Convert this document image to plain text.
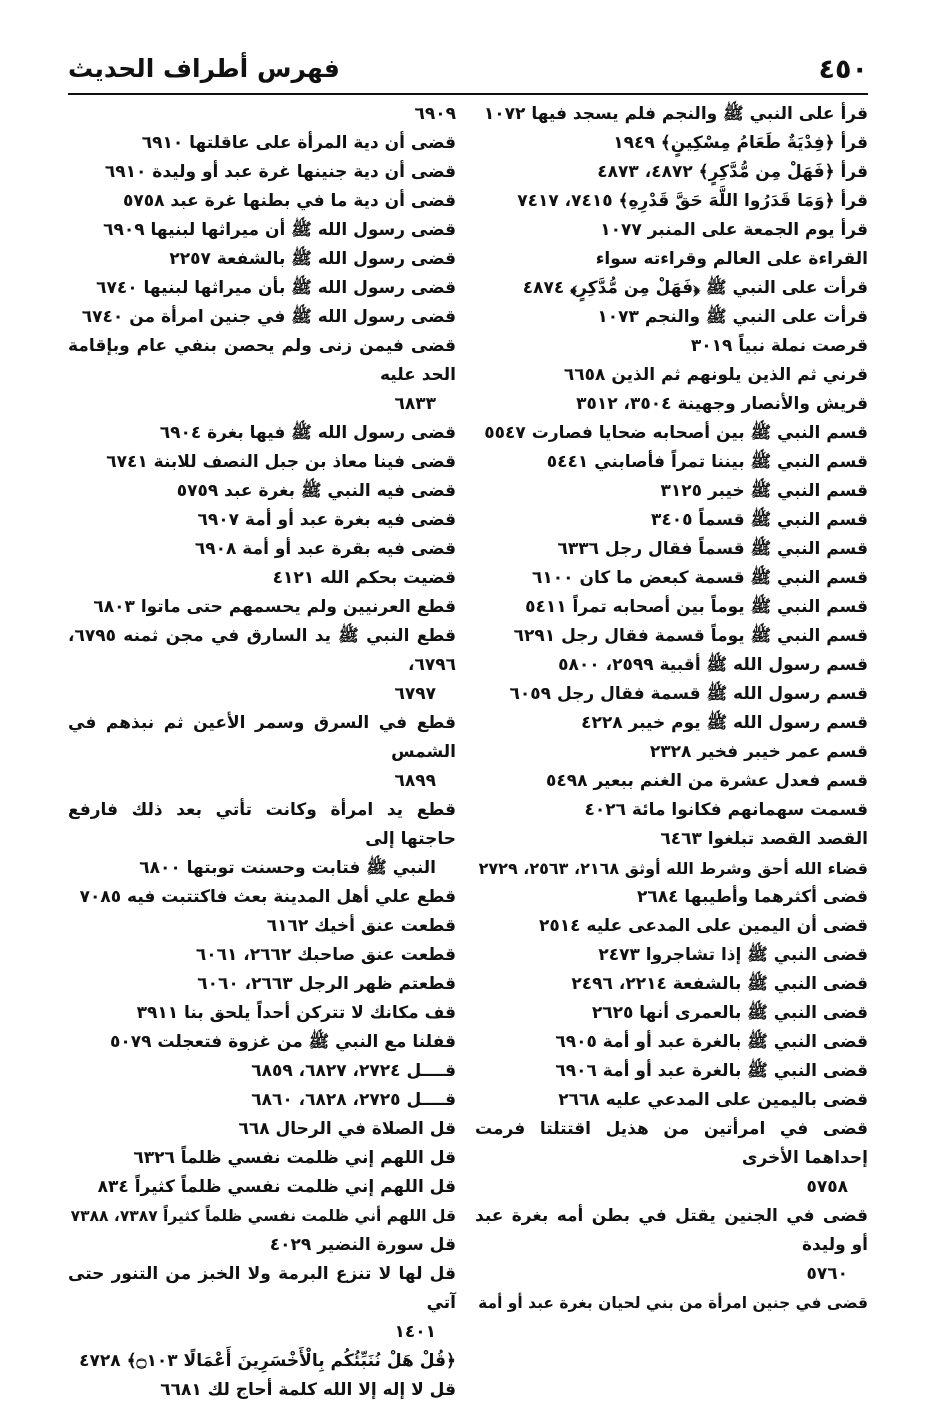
٤٥٠
فهرس أطراف الحديث
قرأ على النبي ﷺ والنجم فلم يسجد فيها ١٠٧٢
قرأ ﴿فِدْيَةٌ طَعَامُ مِسْكِينٍ﴾ ١٩٤٩
قرأ ﴿فَهَلْ مِن مُّدَّكِرٍ﴾ ٤٨٧٢، ٤٨٧٣
قرأ ﴿وَمَا قَدَرُوا اللَّهَ حَقَّ قَدْرِهِ﴾ ٧٤١٥، ٧٤١٧
قرأ يوم الجمعة على المنبر ١٠٧٧
القراءة على العالم وقراءته سواء
قرأت على النبي ﷺ ﴿فَهَلْ مِن مُّدَّكِرٍ﴾ ٤٨٧٤
قرأت على النبي ﷺ والنجم ١٠٧٣
قرصت نملة نبياً ٣٠١٩
قرني ثم الذين يلونهم ثم الذين ٦٦٥٨
قريش والأنصار وجهينة ٣٥٠٤، ٣٥١٢
قسم النبي ﷺ بين أصحابه ضحايا فصارت ٥٥٤٧
قسم النبي ﷺ بيننا تمراً فأصابني ٥٤٤١
قسم النبي ﷺ خيبر ٣١٢٥
قسم النبي ﷺ قسماً ٣٤٠٥
قسم النبي ﷺ قسماً فقال رجل ٦٣٣٦
قسم النبي ﷺ قسمة كبعض ما كان ٦١٠٠
قسم النبي ﷺ يوماً بين أصحابه تمراً ٥٤١١
قسم النبي ﷺ يوماً قسمة فقال رجل ٦٢٩١
قسم رسول الله ﷺ أقبية ٢٥٩٩، ٥٨٠٠
قسم رسول الله ﷺ قسمة فقال رجل ٦٠٥٩
قسم رسول الله ﷺ يوم خيبر ٤٢٢٨
قسم عمر خيبر فخير ٢٣٢٨
قسم فعدل عشرة من الغنم ببعير ٥٤٩٨
قسمت سهمانهم فكانوا مائة ٤٠٢٦
القصد القصد تبلغوا ٦٤٦٣
قضاء الله أحق وشرط الله أوثق ٢١٦٨، ٢٥٦٣، ٢٧٢٩
قضى أكثرهما وأطيبها ٢٦٨٤
قضى أن اليمين على المدعى عليه ٢٥١٤
قضى النبي ﷺ إذا تشاجروا ٢٤٧٣
قضى النبي ﷺ بالشفعة ٢٢١٤، ٢٤٩٦
قضى النبي ﷺ بالعمرى أنها ٢٦٢٥
قضى النبي ﷺ بالغرة عبد أو أمة ٦٩٠٥
قضى النبي ﷺ بالغرة عبد أو أمة ٦٩٠٦
قضى باليمين على المدعي عليه ٢٦٦٨
قضى في امرأتين من هذيل اقتتلتا فرمت إحداهما الأخرى
٥٧٥٨
قضى في الجنين يقتل في بطن أمه بغرة عبد أو وليدة
٥٧٦٠
قضى في جنين امرأة من بني لحيان بغرة عبد أو أمة
٦٩٠٩
قضى أن دية المرأة على عاقلتها ٦٩١٠
قضى أن دية جنينها غرة عبد أو وليدة ٦٩١٠
قضى أن دية ما في بطنها غرة عبد ٥٧٥٨
قضى رسول الله ﷺ أن ميراثها لبنيها ٦٩٠٩
قضى رسول الله ﷺ بالشفعة ٢٢٥٧
قضى رسول الله ﷺ بأن ميراثها لبنيها ٦٧٤٠
قضى رسول الله ﷺ في جنين امرأة من ٦٧٤٠
قضى فيمن زنى ولم يحصن بنفي عام وبإقامة الحد عليه
٦٨٣٣
قضى رسول الله ﷺ فيها بغرة ٦٩٠٤
قضى فينا معاذ بن جبل النصف للابنة ٦٧٤١
قضى فيه النبي ﷺ بغرة عبد ٥٧٥٩
قضى فيه بغرة عبد أو أمة ٦٩٠٧
قضى فيه بقرة عبد أو أمة ٦٩٠٨
قضيت بحكم الله ٤١٢١
قطع العرنيين ولم يحسمهم حتى ماتوا ٦٨٠٣
قطع النبي ﷺ يد السارق في مجن ثمنه ٦٧٩٥، ٦٧٩٦،
٦٧٩٧
قطع في السرق وسمر الأعين ثم نبذهم في الشمس
٦٨٩٩
قطع يد امرأة وكانت تأتي بعد ذلك فارفع حاجتها إلى
النبي ﷺ فتابت وحسنت توبتها ٦٨٠٠
قطع علي أهل المدينة بعث فاكتتبت فيه ٧٠٨٥
قطعت عنق أخيك ٦١٦٢
قطعت عنق صاحبك ٢٦٦٢، ٦٠٦١
قطعتم ظهر الرجل ٢٦٦٣، ٦٠٦٠
قف مكانك لا تتركن أحداً يلحق بنا ٣٩١١
قفلنا مع النبي ﷺ من غزوة فتعجلت ٥٠٧٩
قــــل ٢٧٢٤، ٦٨٢٧، ٦٨٥٩
قــــل ٢٧٢٥، ٦٨٢٨، ٦٨٦٠
قل الصلاة في الرحال ٦٦٨
قل اللهم إني ظلمت نفسي ظلماً ٦٣٢٦
قل اللهم إني ظلمت نفسي ظلماً كثيراً ٨٣٤
قل اللهم أني ظلمت نفسي ظلماً كثيراً ٧٣٨٧، ٧٣٨٨
قل سورة النضير ٤٠٢٩
قل لها لا تنزع البرمة ولا الخبز من التنور حتى آتي
١٤٠١
﴿قُلْ هَلْ نُنَبِّئُكُم بِالْأَخْسَرِينَ أَعْمَالًا ۝١٠٣﴾ ٤٧٢٨
قل لا إله إلا الله كلمة أحاج لك ٦٦٨١
